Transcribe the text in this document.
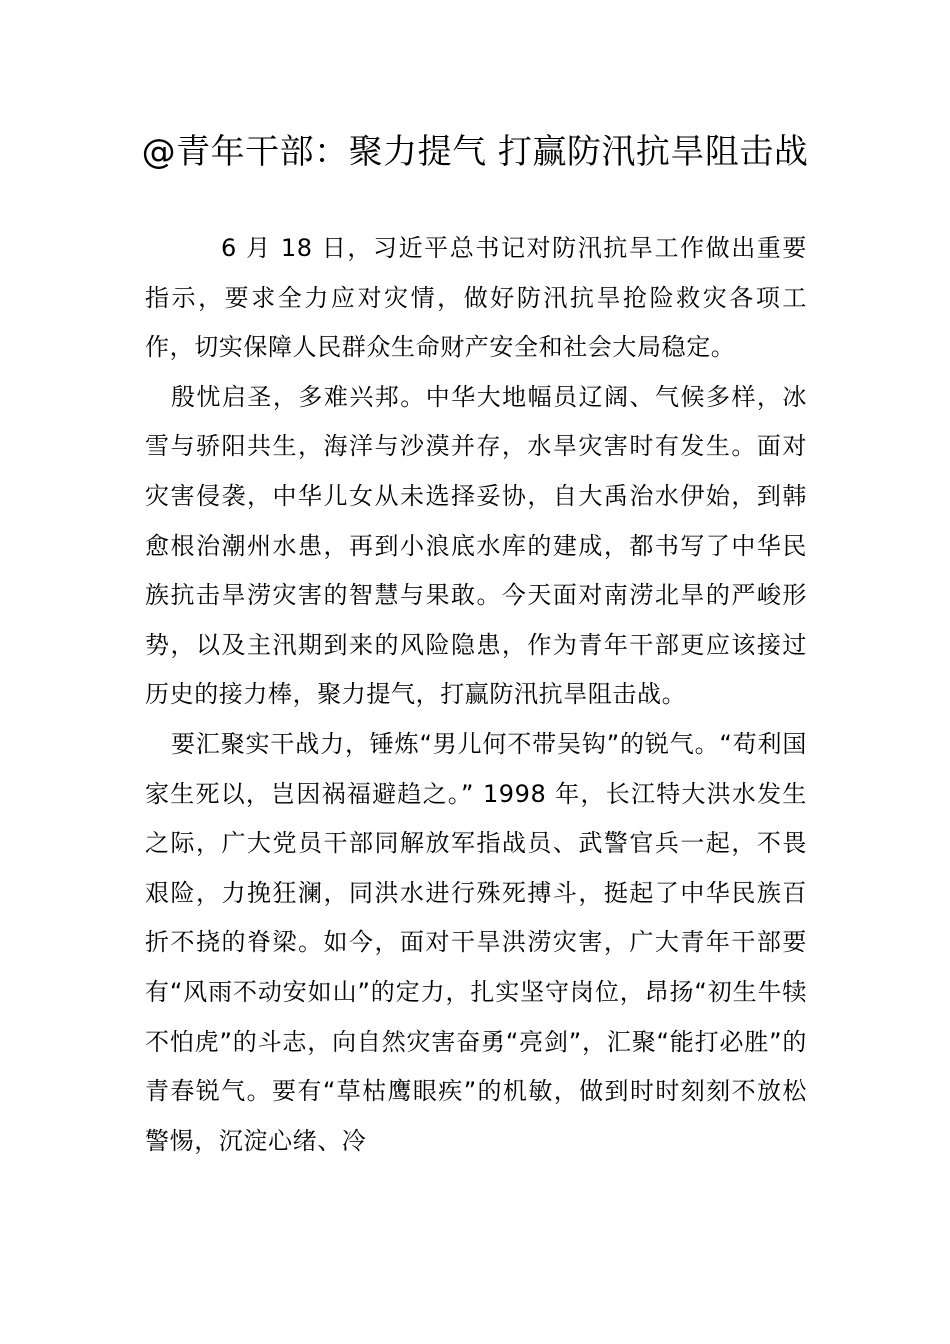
@青年干部：聚力提气 打赢防汛抗旱阻击战

6 月 18 日，习近平总书记对防汛抗旱工作做出重要指示，要求全力应对灾情，做好防汛抗旱抢险救灾各项工作，切实保障人民群众生命财产安全和社会大局稳定。

殷忧启圣，多难兴邦。中华大地幅员辽阔、气候多样，冰雪与骄阳共生，海洋与沙漠并存，水旱灾害时有发生。面对灾害侵袭，中华儿女从未选择妥协，自大禹治水伊始，到韩愈根治潮州水患，再到小浪底水库的建成，都书写了中华民族抗击旱涝灾害的智慧与果敢。今天面对南涝北旱的严峻形势，以及主汛期到来的风险隐患，作为青年干部更应该接过历史的接力棒，聚力提气，打赢防汛抗旱阻击战。

要汇聚实干战力，锤炼“男儿何不带吴钩”的锐气。“苟利国家生死以，岂因祸福避趋之。” 1998 年，长江特大洪水发生之际，广大党员干部同解放军指战员、武警官兵一起，不畏艰险，力挽狂澜，同洪水进行殊死搏斗，挺起了中华民族百折不挠的脊梁。如今，面对干旱洪涝灾害，广大青年干部要有“风雨不动安如山”的定力，扎实坚守岗位，昂扬“初生牛犊不怕虎”的斗志，向自然灾害奋勇“亮剑”，汇聚“能打必胜”的青春锐气。要有“草枯鹰眼疾”的机敏，做到时时刻刻不放松警惕，沉淀心绪、冷
